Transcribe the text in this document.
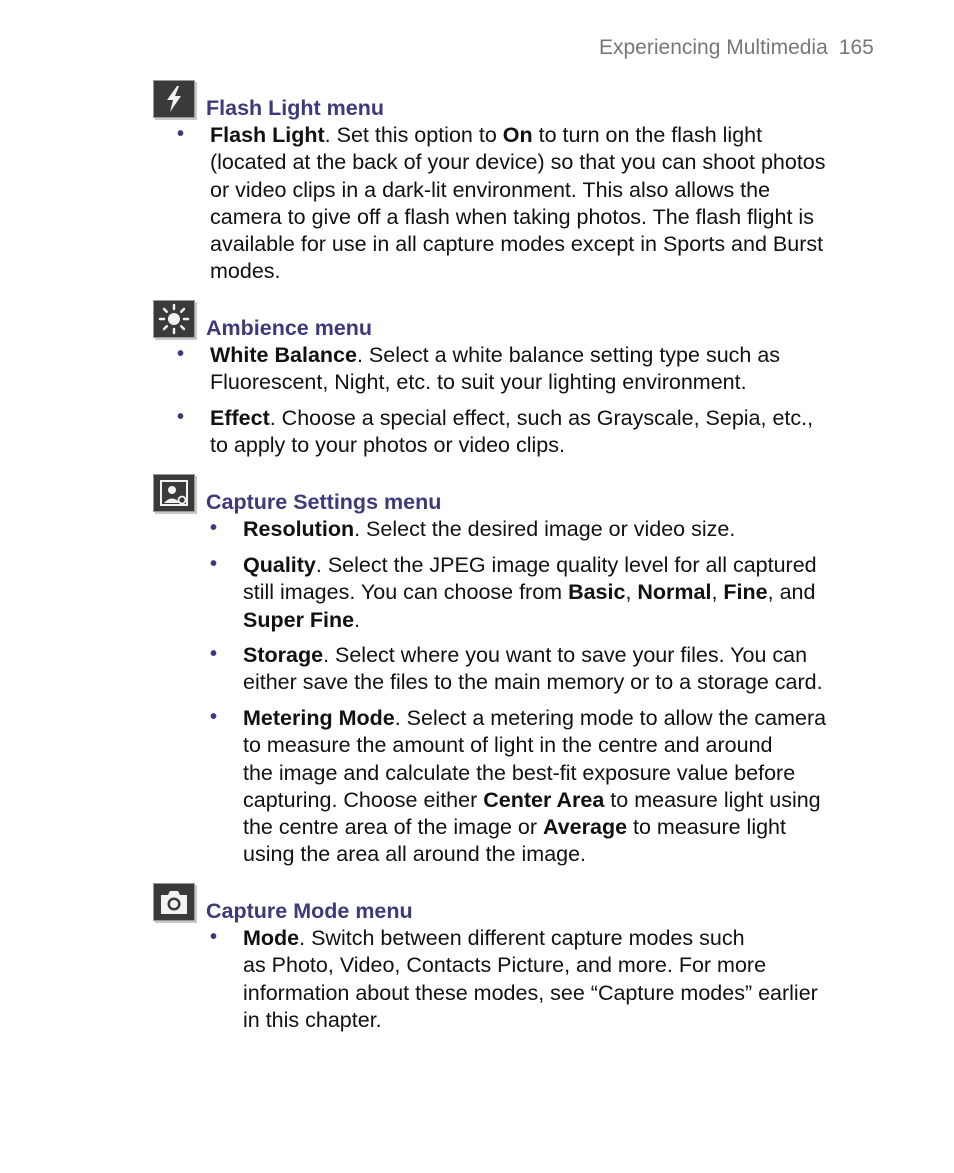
Experiencing Multimedia 165
Flash Light menu
• Flash Light. Set this option to On to turn on the flash light
(located at the back of your device) so that you can shoot photos
or video clips in a dark-lit environment. This also allows the
camera to give off a flash when taking photos. The flash flight is
available for use in all capture modes except in Sports and Burst
modes.
Ambience menu
• White Balance. Select a white balance setting type such as
Fluorescent, Night, etc. to suit your lighting environment.
• Effect. Choose a special effect, such as Grayscale, Sepia, etc.,
to apply to your photos or video clips.
Capture Settings menu
• Resolution. Select the desired image or video size.
• Quality. Select the JPEG image quality level for all captured
still images. You can choose from Basic, Normal, Fine, and
Super Fine.
• Storage. Select where you want to save your files. You can
either save the files to the main memory or to a storage card.
• Metering Mode. Select a metering mode to allow the camera
to measure the amount of light in the centre and around
the image and calculate the best-fit exposure value before
capturing. Choose either Center Area to measure light using
the centre area of the image or Average to measure light
using the area all around the image.
Capture Mode menu
• Mode. Switch between different capture modes such
as Photo, Video, Contacts Picture, and more. For more
information about these modes, see “Capture modes” earlier
in this chapter.
